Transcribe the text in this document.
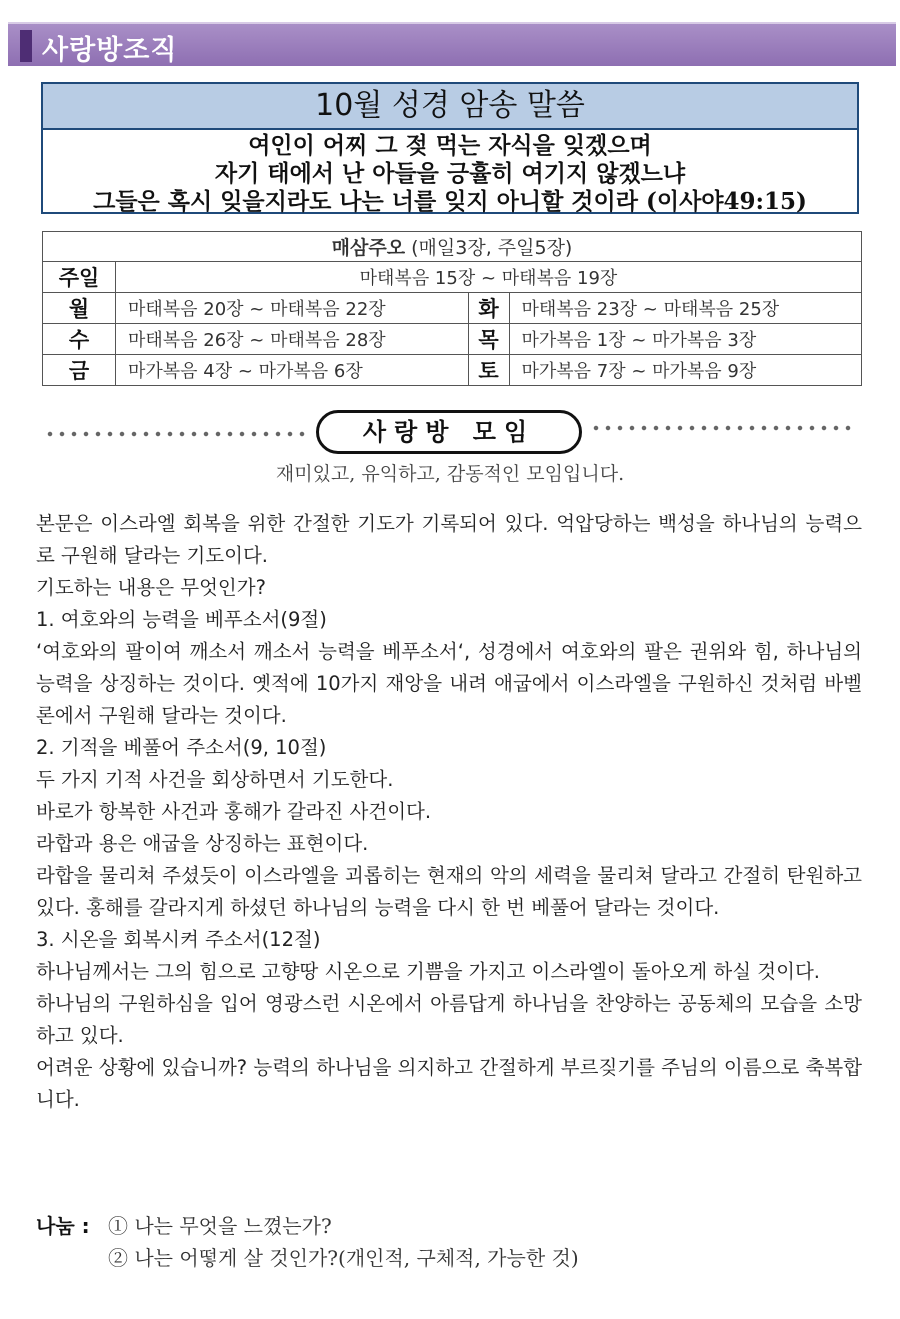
사랑방조직
10월 성경 암송 말씀
여인이 어찌 그 젖 먹는 자식을 잊겠으며
자기 태에서 난 아들을 긍휼히 여기지 않겠느냐
그들은 혹시 잊을지라도 나는 너를 잊지 아니할 것이라 (이사야49:15)
매삼주오 (매일3장, 주일5장)			
주일	마태복음 15장 ~ 마태복음 19장		
월	마태복음 20장 ~ 마태복음 22장	화	마태복음 23장 ~ 마태복음 25장
수	마태복음 26장 ~ 마태복음 28장	목	마가복음 1장 ~ 마가복음 3장
금	마가복음 4장 ~ 마가복음 6장	토	마가복음 7장 ~ 마가복음 9장
사랑방 모임
재미있고, 유익하고, 감동적인 모임입니다.

본문은 이스라엘 회복을 위한 간절한 기도가 기록되어 있다. 억압당하는 백성을 하나님의 능력으로 구원해 달라는 기도이다.

기도하는 내용은 무엇인가?

1. 여호와의 능력을 베푸소서(9절)

‘여호와의 팔이여 깨소서 깨소서 능력을 베푸소서‘, 성경에서 여호와의 팔은 권위와 힘, 하나님의 능력을 상징하는 것이다. 옛적에 10가지 재앙을 내려 애굽에서 이스라엘을 구원하신 것처럼 바벨론에서 구원해 달라는 것이다.

2. 기적을 베풀어 주소서(9, 10절)

두 가지 기적 사건을 회상하면서 기도한다.

바로가 항복한 사건과 홍해가 갈라진 사건이다.

라합과 용은 애굽을 상징하는 표현이다.

라합을 물리쳐 주셨듯이 이스라엘을 괴롭히는 현재의 악의 세력을 물리쳐 달라고 간절히 탄원하고 있다. 홍해를 갈라지게 하셨던 하나님의 능력을 다시 한 번 베풀어 달라는 것이다.

3. 시온을 회복시켜 주소서(12절)

하나님께서는 그의 힘으로 고향땅 시온으로 기쁨을 가지고 이스라엘이 돌아오게 하실 것이다.

하나님의 구원하심을 입어 영광스런 시온에서 아름답게 하나님을 찬양하는 공동체의 모습을 소망하고 있다.

어려운 상황에 있습니까? 능력의 하나님을 의지하고 간절하게 부르짖기를 주님의 이름으로 축복합니다.

나눔 : ① 나는 무엇을 느꼈는가?
② 나는 어떻게 살 것인가?(개인적, 구체적, 가능한 것)
